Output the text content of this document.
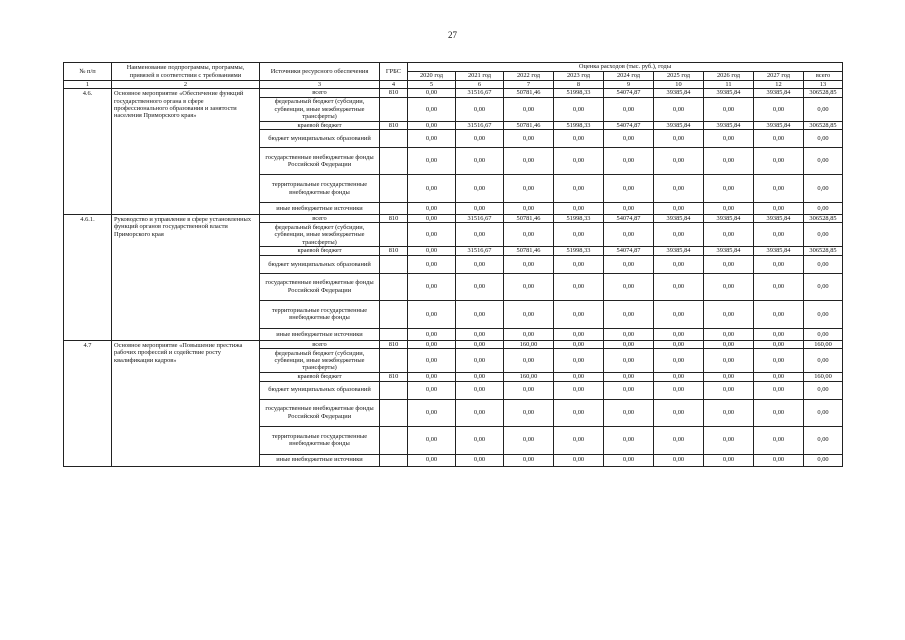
27
№ п/п	Наименование подпрограммы, программы, привязей в соответствии с требованиями	Источники ресурсного обеспечения	ГРБС	Оценка расходов (тыс. руб.), годы								
				2020 год	2021 год	2022 год	2023 год	2024 год	2025 год	2026 год	2027 год	всего
1	2	3	4	5	6	7	8	9	10	11	12	13
4.6.	Основное мероприятие «Обеспечение функций государственного органа в сфере профессионального образования и занятости населения Приморского края»	всего	810	0,00	31516,67	50781,46	51998,33	54074,87	39385,84	39385,84	39385,84	306528,85
		федеральный бюджет (субсидии, субвенции, иные межбюджетные трансферты)		0,00	0,00	0,00	0,00	0,00	0,00	0,00	0,00	0,00
		краевой бюджет	810	0,00	31516,67	50781,46	51998,33	54074,87	39385,84	39385,84	39385,84	306528,85
		бюджет муниципальных образований		0,00	0,00	0,00	0,00	0,00	0,00	0,00	0,00	0,00
		государственные внебюджетные фонды Российской Федерации		0,00	0,00	0,00	0,00	0,00	0,00	0,00	0,00	0,00
		территориальные государственные внебюджетные фонды		0,00	0,00	0,00	0,00	0,00	0,00	0,00	0,00	0,00
		иные внебюджетные источники		0,00	0,00	0,00	0,00	0,00	0,00	0,00	0,00	0,00
4.6.1.	Руководство и управление в сфере установленных функций органов государственной власти Приморского края	всего	810	0,00	31516,67	50781,46	51998,33	54074,87	39385,84	39385,84	39385,84	306528,85
		федеральный бюджет (субсидии, субвенции, иные межбюджетные трансферты)		0,00	0,00	0,00	0,00	0,00	0,00	0,00	0,00	0,00
		краевой бюджет	810	0,00	31516,67	50781,46	51998,33	54074,87	39385,84	39385,84	39385,84	306528,85
		бюджет муниципальных образований		0,00	0,00	0,00	0,00	0,00	0,00	0,00	0,00	0,00
		государственные внебюджетные фонды Российской Федерации		0,00	0,00	0,00	0,00	0,00	0,00	0,00	0,00	0,00
		территориальные государственные внебюджетные фонды		0,00	0,00	0,00	0,00	0,00	0,00	0,00	0,00	0,00
		иные внебюджетные источники		0,00	0,00	0,00	0,00	0,00	0,00	0,00	0,00	0,00
4.7	Основное мероприятие «Повышение престижа рабочих профессий и содействие росту квалификации кадров»	всего	810	0,00	0,00	160,00	0,00	0,00	0,00	0,00	0,00	160,00
		федеральный бюджет (субсидии, субвенции, иные межбюджетные трансферты)		0,00	0,00	0,00	0,00	0,00	0,00	0,00	0,00	0,00
		краевой бюджет	810	0,00	0,00	160,00	0,00	0,00	0,00	0,00	0,00	160,00
		бюджет муниципальных образований		0,00	0,00	0,00	0,00	0,00	0,00	0,00	0,00	0,00
		государственные внебюджетные фонды Российской Федерации		0,00	0,00	0,00	0,00	0,00	0,00	0,00	0,00	0,00
		территориальные государственные внебюджетные фонды		0,00	0,00	0,00	0,00	0,00	0,00	0,00	0,00	0,00
		иные внебюджетные источники		0,00	0,00	0,00	0,00	0,00	0,00	0,00	0,00	0,00
